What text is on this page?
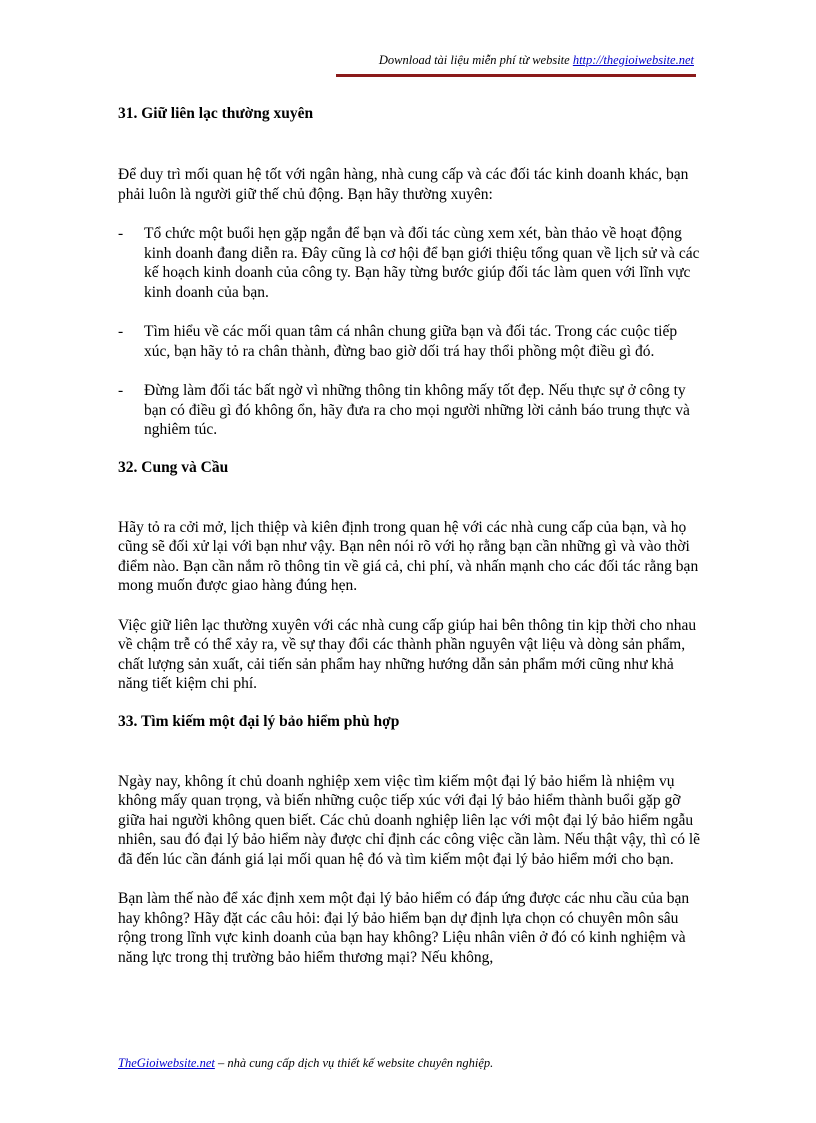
Download tài liệu miễn phí từ website http://thegioiwebsite.net
31. Giữ liên lạc thường xuyên

Để duy trì mối quan hệ tốt với ngân hàng, nhà cung cấp và các đối tác kinh doanh khác, bạn phải luôn là người giữ thế chủ động. Bạn hãy thường xuyên:

-	Tổ chức một buổi hẹn gặp ngắn để bạn và đối tác cùng xem xét, bàn thảo về hoạt động kinh doanh đang diễn ra. Đây cũng là cơ hội để bạn giới thiệu tổng quan về lịch sử và các kế hoạch kinh doanh của công ty. Bạn hãy từng bước giúp đối tác làm quen với lĩnh vực kinh doanh của bạn.
-	Tìm hiểu về các mối quan tâm cá nhân chung giữa bạn và đối tác. Trong các cuộc tiếp xúc, bạn hãy tỏ ra chân thành, đừng bao giờ dối trá hay thổi phồng một điều gì đó.
-	Đừng làm đối tác bất ngờ vì những thông tin không mấy tốt đẹp. Nếu thực sự ở công ty bạn có điều gì đó không ổn, hãy đưa ra cho mọi người những lời cảnh báo trung thực và nghiêm túc.
32. Cung và Cầu

Hãy tỏ ra cởi mở, lịch thiệp và kiên định trong quan hệ với các nhà cung cấp của bạn, và họ cũng sẽ đối xử lại với bạn như vậy. Bạn nên nói rõ với họ rằng bạn cần những gì và vào thời điểm nào. Bạn cần nắm rõ thông tin về giá cả, chi phí, và nhấn mạnh cho các đối tác rằng bạn mong muốn được giao hàng đúng hẹn.

Việc giữ liên lạc thường xuyên với các nhà cung cấp giúp hai bên thông tin kịp thời cho nhau về chậm trễ có thể xảy ra, về sự thay đổi các thành phần nguyên vật liệu và dòng sản phẩm, chất lượng sản xuất, cải tiến sản phẩm hay những hướng dẫn sản phẩm mới cũng như khả năng tiết kiệm chi phí.

33. Tìm kiếm một đại lý bảo hiểm phù hợp

Ngày nay, không ít chủ doanh nghiệp xem việc tìm kiếm một đại lý bảo hiểm là nhiệm vụ không mấy quan trọng, và biến những cuộc tiếp xúc với đại lý bảo hiểm thành buổi gặp gỡ giữa hai người không quen biết. Các chủ doanh nghiệp liên lạc với một đại lý bảo hiểm ngẫu nhiên, sau đó đại lý bảo hiểm này được chỉ định các công việc cần làm. Nếu thật vậy, thì có lẽ đã đến lúc cần đánh giá lại mối quan hệ đó và tìm kiếm một đại lý bảo hiểm mới cho bạn.

Bạn làm thế nào để xác định xem một đại lý bảo hiểm có đáp ứng được các nhu cầu của bạn hay không? Hãy đặt các câu hỏi: đại lý bảo hiểm bạn dự định lựa chọn có chuyên môn sâu rộng trong lĩnh vực kinh doanh của bạn hay không? Liệu nhân viên ở đó có kinh nghiệm và năng lực trong thị trường bảo hiểm thương mại? Nếu không,

TheGioiwebsite.net – nhà cung cấp dịch vụ thiết kế website chuyên nghiệp.
